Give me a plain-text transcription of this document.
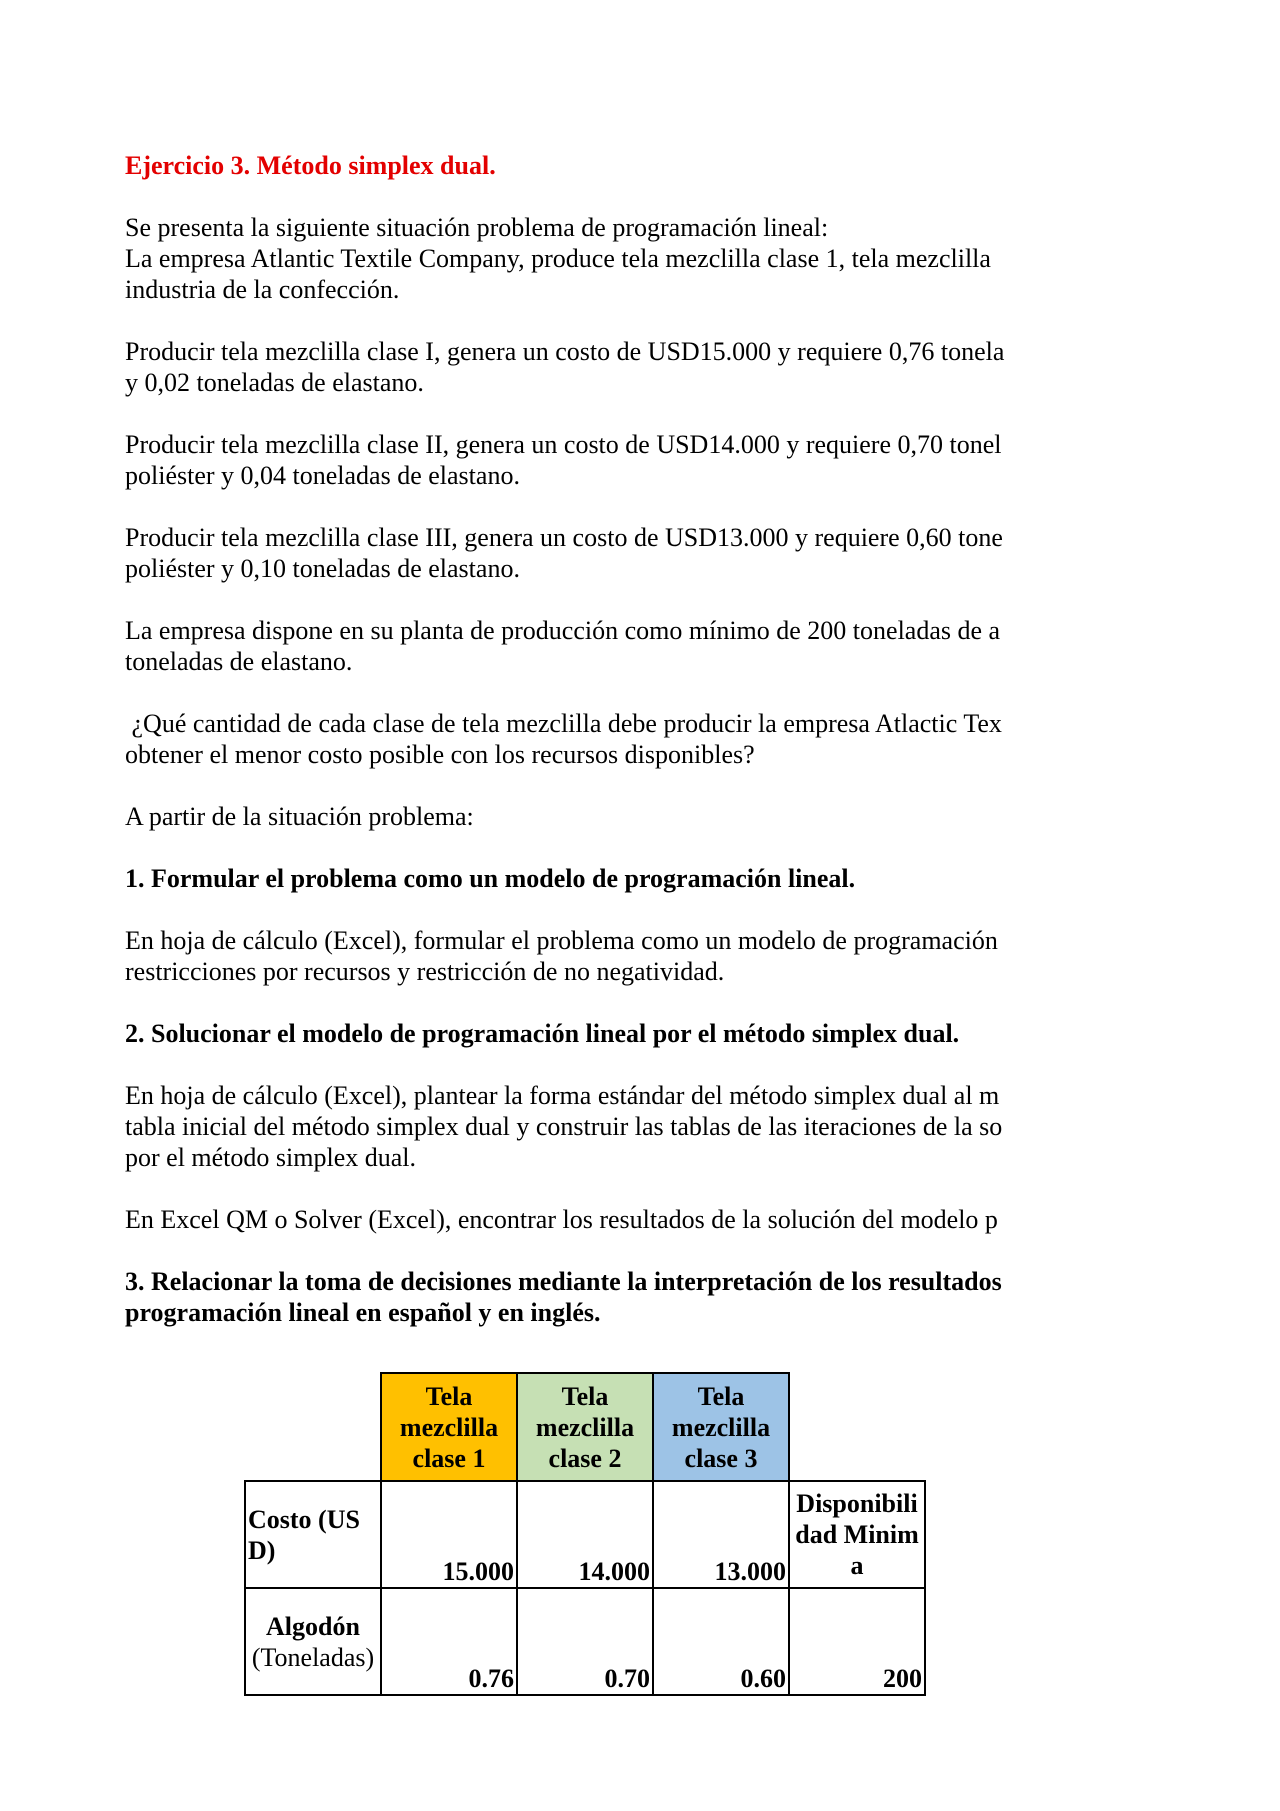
Ejercicio 3. Método simplex dual.

Se presenta la siguiente situación problema de programación lineal:

La empresa Atlantic Textile Company, produce tela mezclilla clase 1, tela mezclilla

industria de la confección.

Producir tela mezclilla clase I, genera un costo de USD15.000 y requiere 0,76 tonela

y 0,02 toneladas de elastano.

Producir tela mezclilla clase II, genera un costo de USD14.000 y requiere 0,70 tonel

poliéster y 0,04 toneladas de elastano.

Producir tela mezclilla clase III, genera un costo de USD13.000 y requiere 0,60 tone

poliéster y 0,10 toneladas de elastano.

La empresa dispone en su planta de producción como mínimo de 200 toneladas de a

toneladas de elastano.

¿Qué cantidad de cada clase de tela mezclilla debe producir la empresa Atlactic Tex

obtener el menor costo posible con los recursos disponibles?

A partir de la situación problema:

1. Formular el problema como un modelo de programación lineal.

En hoja de cálculo (Excel), formular el problema como un modelo de programación

restricciones por recursos y restricción de no negatividad.

2. Solucionar el modelo de programación lineal por el método simplex dual.

En hoja de cálculo (Excel), plantear la forma estándar del método simplex dual al m

tabla inicial del método simplex dual y construir las tablas de las iteraciones de la so

por el método simplex dual.

En Excel QM o Solver (Excel), encontrar los resultados de la solución del modelo p

3. Relacionar la toma de decisiones mediante la interpretación de los resultados

programación lineal en español y en inglés.

	Tela mezclilla clase 1	Tela mezclilla clase 2	Tela mezclilla clase 3	
Costo (USD)	15.000	14.000	13.000	Disponibilidad Minima

Algodón
(Toneladas)	0.76	0.70	0.60	200
